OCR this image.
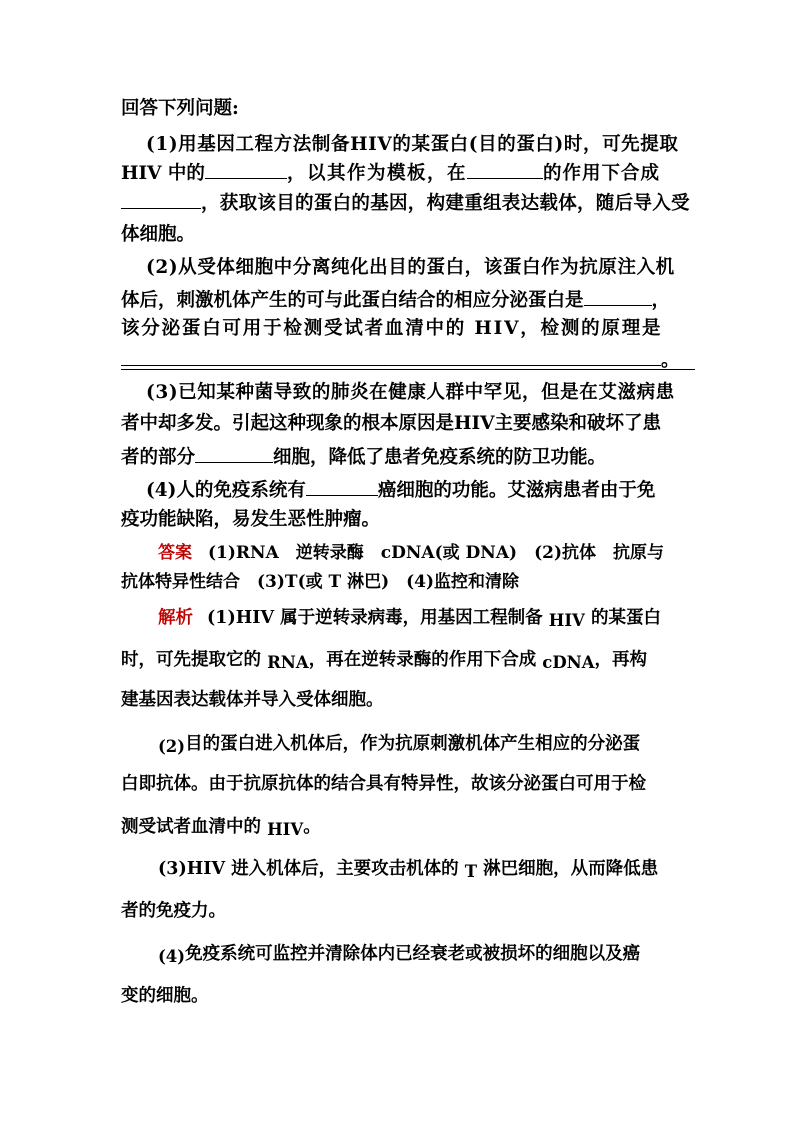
回答下列问题:
(1)用基因工程方法制备HIV的某蛋白(目的蛋白)时，可先提取
HIV 中的	，以其作为模板，在	的作用下合成
，获取该目的蛋白的基因，构建重组表达载体，随后导入受
体细胞。
(2)从受体细胞中分离纯化出目的蛋白，该蛋白作为抗原注入机
体后，刺激机体产生的可与此蛋白结合的相应分泌蛋白是	，
该分泌蛋白可用于检测受试者血清中的 HIV，检测的原理是
。
(3)已知某种菌导致的肺炎在健康人群中罕见，但是在艾滋病患
者中却多发。引起这种现象的根本原因是HIV主要感染和破坏了患
者的部分	细胞，降低了患者免疫系统的防卫功能。
(4)人的免疫系统有	癌细胞的功能。艾滋病患者由于免
疫功能缺陷，易发生恶性肿瘤。
答案 (1)RNA　逆转录酶　cDNA(或 DNA)　(2)抗体　抗原与
抗体特异性结合　(3)T(或 T 淋巴)　(4)监控和清除
解析 (1)HIV 属于逆转录病毒，用基因工程制备 HIV 的某蛋白
时，可先提取它的 RNA，再在逆转录酶的作用下合成 cDNA，再构
建基因表达载体并导入受体细胞。
(2)目的蛋白进入机体后，作为抗原刺激机体产生相应的分泌蛋
白即抗体。由于抗原抗体的结合具有特异性，故该分泌蛋白可用于检
测受试者血清中的 HIV。
(3)HIV 进入机体后，主要攻击机体的 T 淋巴细胞，从而降低患
者的免疫力。
(4)免疫系统可监控并清除体内已经衰老或被损坏的细胞以及癌
变的细胞。
